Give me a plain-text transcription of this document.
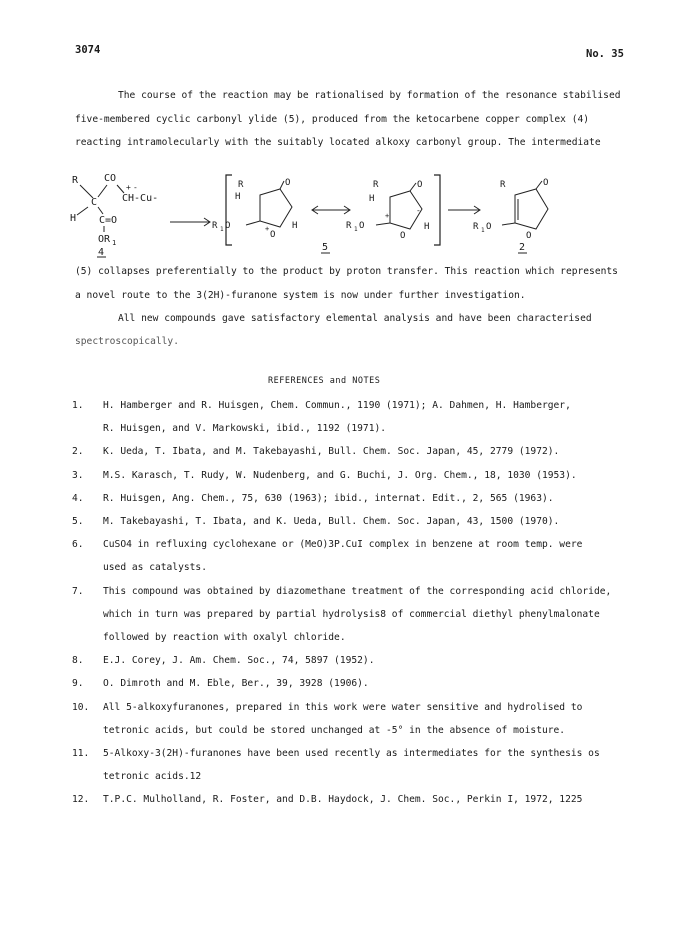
3074	No. 35
The course of the reaction may be rationalised by formation of the resonance stabilised
five-membered cyclic carbonyl ylide (5), produced from the ketocarbene copper complex (4)
reacting intramolecularly with the suitably located alkoxy carbonyl group. The intermediate
R	CO
+ -
CH-Cu-
C
H C=O
OR 1
4
R
H
O
R 1 O	+
O
H
R
H
O
-
R 1 O
+
O
H
5
R	O
R 1 O
O
2
(5) collapses preferentially to the product by proton transfer. This reaction which represents
a novel route to the 3(2H)-furanone system is now under further investigation.
All new compounds gave satisfactory elemental analysis and have been characterised
spectroscopically.
REFERENCES and NOTES
1.	H. Hamberger and R. Huisgen, Chem. Commun., 1190 (1971); A. Dahmen, H. Hamberger,
R. Huisgen, and V. Markowski, ibid., 1192 (1971).
2.	K. Ueda, T. Ibata, and M. Takebayashi, Bull. Chem. Soc. Japan, 45, 2779 (1972).
3.	M.S. Karasch, T. Rudy, W. Nudenberg, and G. Buchi, J. Org. Chem., 18, 1030 (1953).
4.	R. Huisgen, Ang. Chem., 75, 630 (1963); ibid., internat. Edit., 2, 565 (1963).
5.	M. Takebayashi, T. Ibata, and K. Ueda, Bull. Chem. Soc. Japan, 43, 1500 (1970).
6.	CuSO4 in refluxing cyclohexane or (MeO)3P.CuI complex in benzene at room temp. were
used as catalysts.
7.	This compound was obtained by diazomethane treatment of the corresponding acid chloride,
which in turn was prepared by partial hydrolysis8 of commercial diethyl phenylmalonate
followed by reaction with oxalyl chloride.
8.	E.J. Corey, J. Am. Chem. Soc., 74, 5897 (1952).
9.	O. Dimroth and M. Eble, Ber., 39, 3928 (1906).
10.	All 5-alkoxyfuranones, prepared in this work were water sensitive and hydrolised to
tetronic acids, but could be stored unchanged at -5° in the absence of moisture.
11.	5-Alkoxy-3(2H)-furanones have been used recently as intermediates for the synthesis os
tetronic acids.12
12.	T.P.C. Mulholland, R. Foster, and D.B. Haydock, J. Chem. Soc., Perkin I, 1972, 1225
